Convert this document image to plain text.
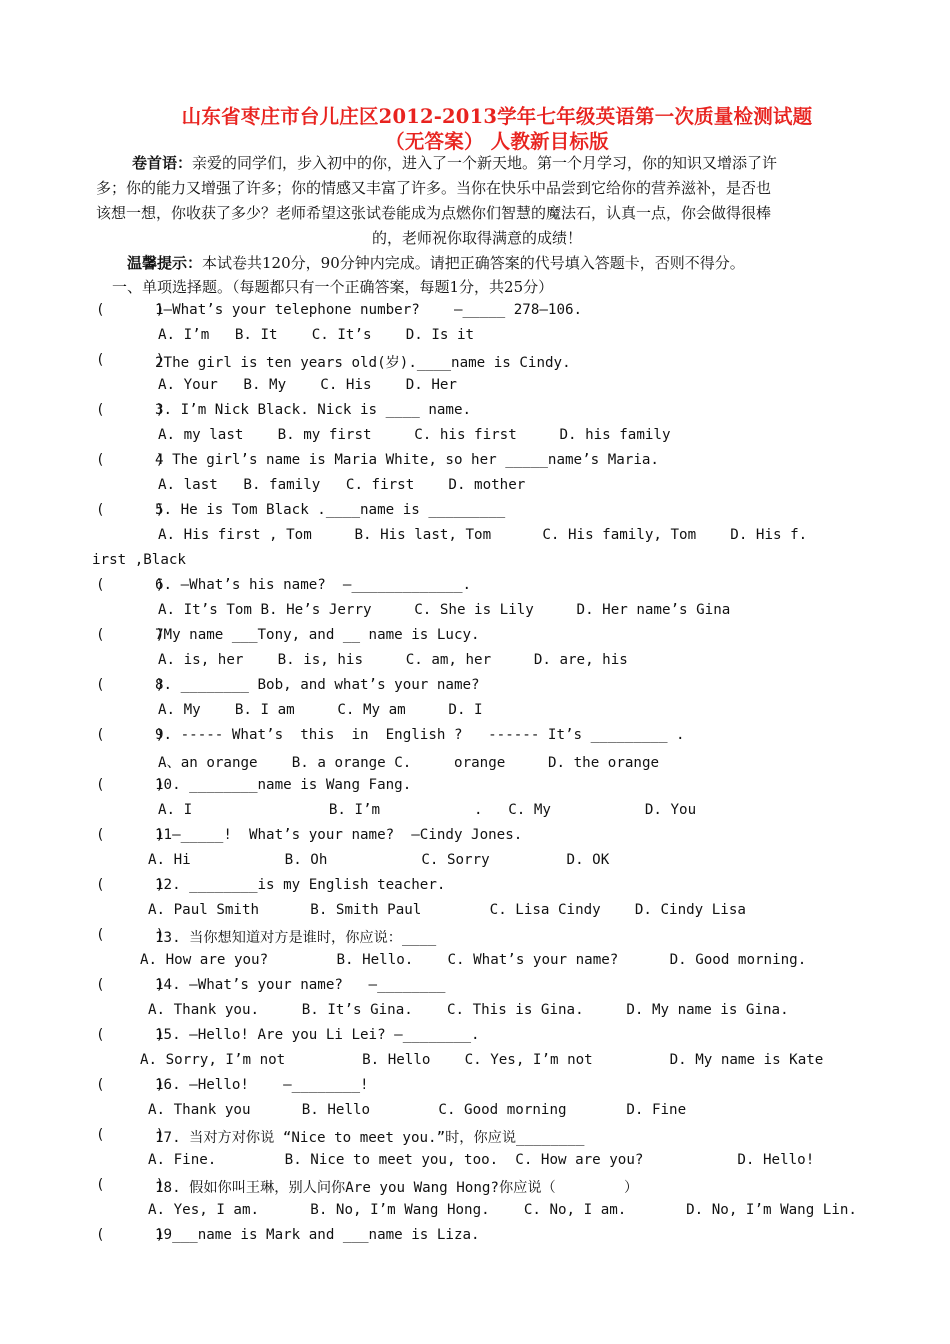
山东省枣庄市台儿庄区2012-2013学年七年级英语第一次质量检测试题
（无答案） 人教新目标版
卷首语：亲爱的同学们，步入初中的你，进入了一个新天地。第一个月学习，你的知识又增添了许
多；你的能力又增强了许多；你的情感又丰富了许多。当你在快乐中品尝到它给你的营养滋补，是否也
该想一想，你收获了多少？老师希望这张试卷能成为点燃你们智慧的魔法石，认真一点，你会做得很棒
的，老师祝你取得满意的成绩！
温馨提示：本试卷共120分，90分钟内完成。请把正确答案的代号填入答题卡，否则不得分。
一、单项选择题。（每题都只有一个正确答案，每题1分，共25分）
(      )
1—What’s your telephone number?    —_____ 278—106.
A. I’m   B. It    C. It’s    D. Is it
(      )
2The girl is ten years old(岁).____name is Cindy.
A. Your   B. My    C. His    D. Her
(      )
3. I’m Nick Black. Nick is ____ name.
A. my last    B. my first     C. his first     D. his family
(      )
4 The girl’s name is Maria White, so her _____name’s Maria.
A. last   B. family   C. first    D. mother
(      )
5. He is Tom Black .____name is _________
A. His first , Tom     B. His last, Tom      C. His family, Tom    D. His f.
irst ,Black
(      )
6. —What’s his name?  —_____________.
A. It’s Tom B. He’s Jerry     C. She is Lily     D. Her name’s Gina
(      )
7My name ___Tony, and __ name is Lucy.
A. is, her    B. is, his     C. am, her     D. are, his
(      )
8. ________ Bob, and what’s your name?
A. My    B. I am     C. My am     D. I
(      )
9. ----- What’s  this  in  English ?   ------ It’s _________ .
A、an orange    B. a orange C.     orange     D. the orange
(      )
10. ________name is Wang Fang.
A. I                B. I’m           .   C. My           D. You
(      )
11—_____!  What’s your name?  —Cindy Jones.
A. Hi           B. Oh           C. Sorry         D. OK
(      )
12. ________is my English teacher.
A. Paul Smith      B. Smith Paul        C. Lisa Cindy    D. Cindy Lisa
(      )
13. 当你想知道对方是谁时，你应说：____
A. How are you?        B. Hello.    C. What’s your name?      D. Good morning.
(      )
14. —What’s your name?   —________
A. Thank you.     B. It’s Gina.    C. This is Gina.     D. My name is Gina.
(      )
15. —Hello! Are you Li Lei? —________.
A. Sorry, I’m not         B. Hello    C. Yes, I’m not         D. My name is Kate
(      )
16. —Hello!    —________!
A. Thank you      B. Hello        C. Good morning       D. Fine
(      )
17. 当对方对你说 “Nice to meet you.”时，你应说________
A. Fine.        B. Nice to meet you, too.  C. How are you?           D. Hello!
(      )
18. 假如你叫王琳，别人问你Are you Wang Hong?你应说（        ）
A. Yes, I am.      B. No, I’m Wang Hong.    C. No, I am.       D. No, I’m Wang Lin.
(      )
19___name is Mark and ___name is Liza.
